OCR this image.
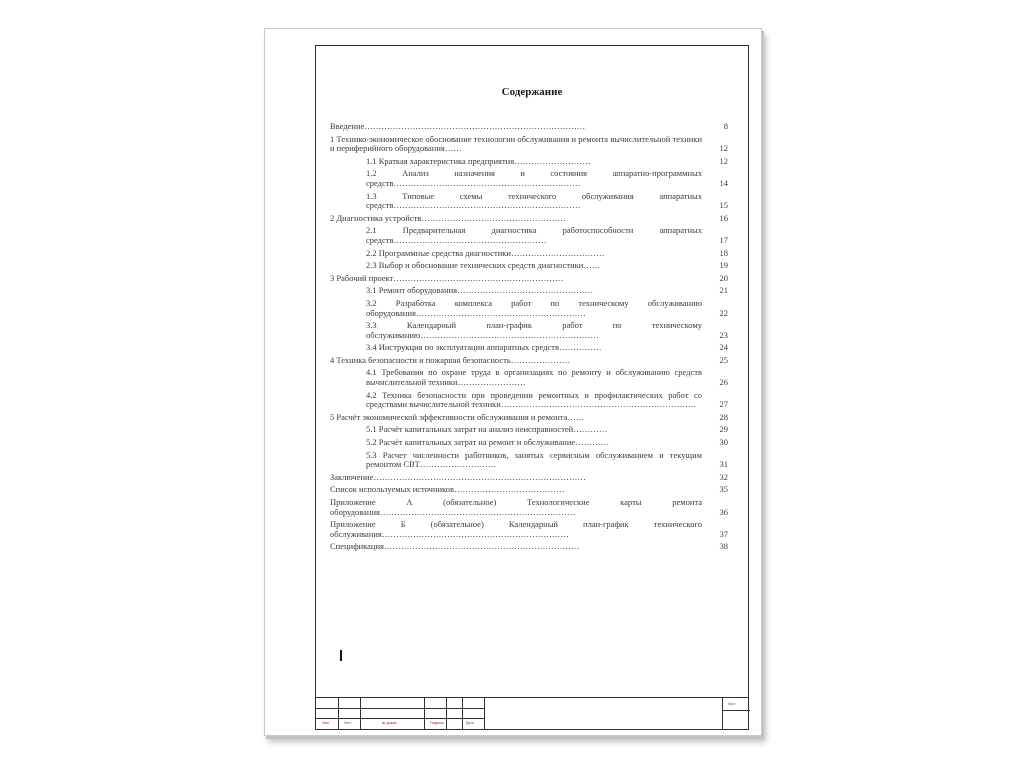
Содержание
Введение……………………………………………………………………	8
1 Технико-экономическое обоснование технологии обслуживания и ремонта вычислительной техники и периферийного оборудования……	12
1.1 Краткая характеристика предприятия………………………	12
1.2 Анализ назначения и состояния аппаратно-программных средств…………………………………………………………	14
1.3 Типовые схемы технического обслуживания аппаратных средств…………………………………………………………	15
2 Диагностика устройств……………………………………………	16
2.1 Предварительная диагностика работоспособности аппаратных средств………………………………………………	17
2.2 Программные средства диагностики……………………………	18
2.3 Выбор и обоснование технических средств диагностики……	19
3 Рабочий проект……………………………………………………	20
3.1 Ремонт оборудования…………………………………………	21
3.2 Разработка комплекса работ по техническому обслуживанию оборудования……………………………………………………	22
3.3 Календарный план-график работ по техническому обслуживанию………………………………………………………	23
3.4 Инструкция по эксплуатации аппаратных средств……………	24
4 Техника безопасности и пожарная безопасность…………………	25
4.1 Требования по охране труда в организациях по ремонту и обслуживанию средств вычислительной техники……………………	26
4.2 Техника безопасности при проведении ремонтных и профилактических работ со средствами вычислительной техники……………………………………………………………	27
5 Расчёт экономической эффективности обслуживания и ремонта……	28
5.1 Расчёт капитальных затрат на анализ неисправностей…………	29
5.2 Расчёт капитальных затрат на ремонт и обслуживание…………	30
5.3 Расчет численности работников, занятых сервисным обслуживанием и текущим ремонтом СВТ………………………	31
Заключение…………………………………………………………………	32
Список используемых источников…………………………………	35
Приложение А (обязательное) Технологические карты ремонта оборудования……………………………………………………………	36
Приложение Б (обязательное) Календарный план-график технического обслуживания…………………………………………………………	37
Спецификация……………………………………………………………	38
Изм.	Лист	№ докум.	Подпись	Дата
Лист
